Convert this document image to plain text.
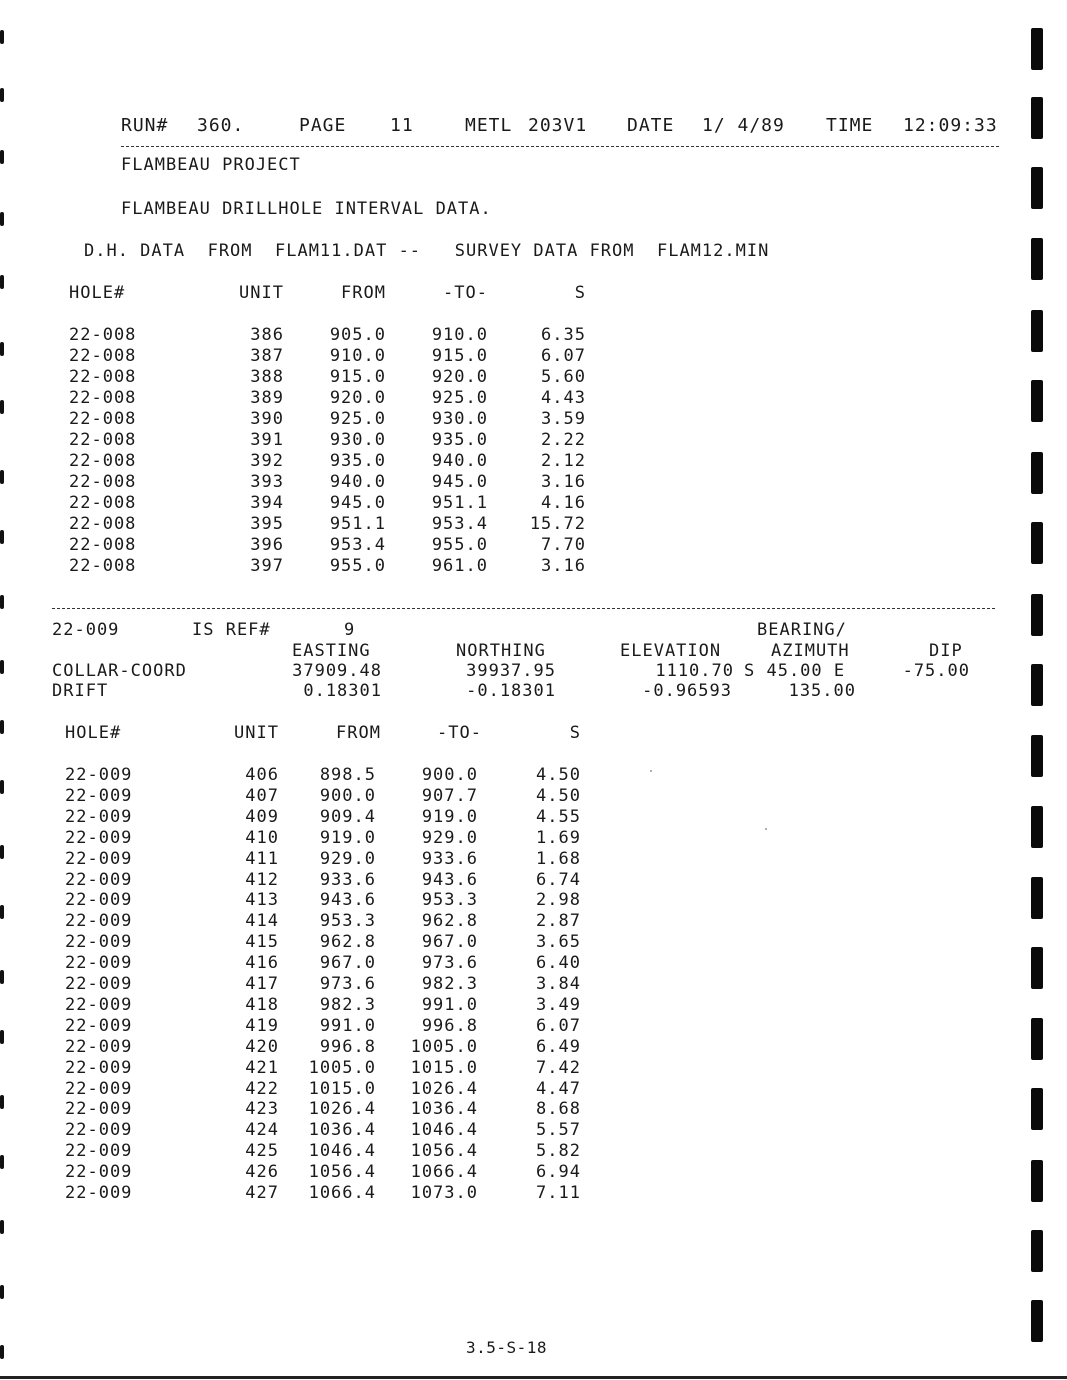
RUN# 360.	PAGE 11	METL 203V1 DATE 1/ 4/89 TIME 12:09:33
FLAMBEAU PROJECT
FLAMBEAU DRILLHOLE INTERVAL DATA.
D.H. DATA  FROM  FLAM11.DAT --   SURVEY DATA FROM  FLAM12.MIN
HOLE#	UNIT	FROM	-TO-	S
22-008	386	905.0	910.0	6.35
22-008	387	910.0	915.0	6.07
22-008	388	915.0	920.0	5.60
22-008	389	920.0	925.0	4.43
22-008	390	925.0	930.0	3.59
22-008	391	930.0	935.0	2.22
22-008	392	935.0	940.0	2.12
22-008	393	940.0	945.0	3.16
22-008	394	945.0	951.1	4.16
22-008	395	951.1	953.4	15.72
22-008	396	953.4	955.0	7.70
22-008	397	955.0	961.0	3.16
22-009	IS REF#	9	BEARING/
EASTING	NORTHING	ELEVATION	AZIMUTH	DIP
COLLAR-COORD	37909.48	39937.95	1110.70 S 45.00 E	-75.00
DRIFT	0.18301	-0.18301	-0.96593	135.00
HOLE#	UNIT	FROM	-TO-	S
22-009	406	898.5	900.0	4.50
22-009	407	900.0	907.7	4.50
22-009	409	909.4	919.0	4.55
22-009	410	919.0	929.0	1.69
22-009	411	929.0	933.6	1.68
22-009	412	933.6	943.6	6.74
22-009	413	943.6	953.3	2.98
22-009	414	953.3	962.8	2.87
22-009	415	962.8	967.0	3.65
22-009	416	967.0	973.6	6.40
22-009	417	973.6	982.3	3.84
22-009	418	982.3	991.0	3.49
22-009	419	991.0	996.8	6.07
22-009	420	996.8	1005.0	6.49
22-009	421 1005.0	1015.0	7.42
22-009	422 1015.0	1026.4	4.47
22-009	423 1026.4	1036.4	8.68
22-009	424 1036.4	1046.4	5.57
22-009	425 1046.4	1056.4	5.82
22-009	426 1056.4	1066.4	6.94
22-009	427 1066.4	1073.0	7.11
3.5-S-18
